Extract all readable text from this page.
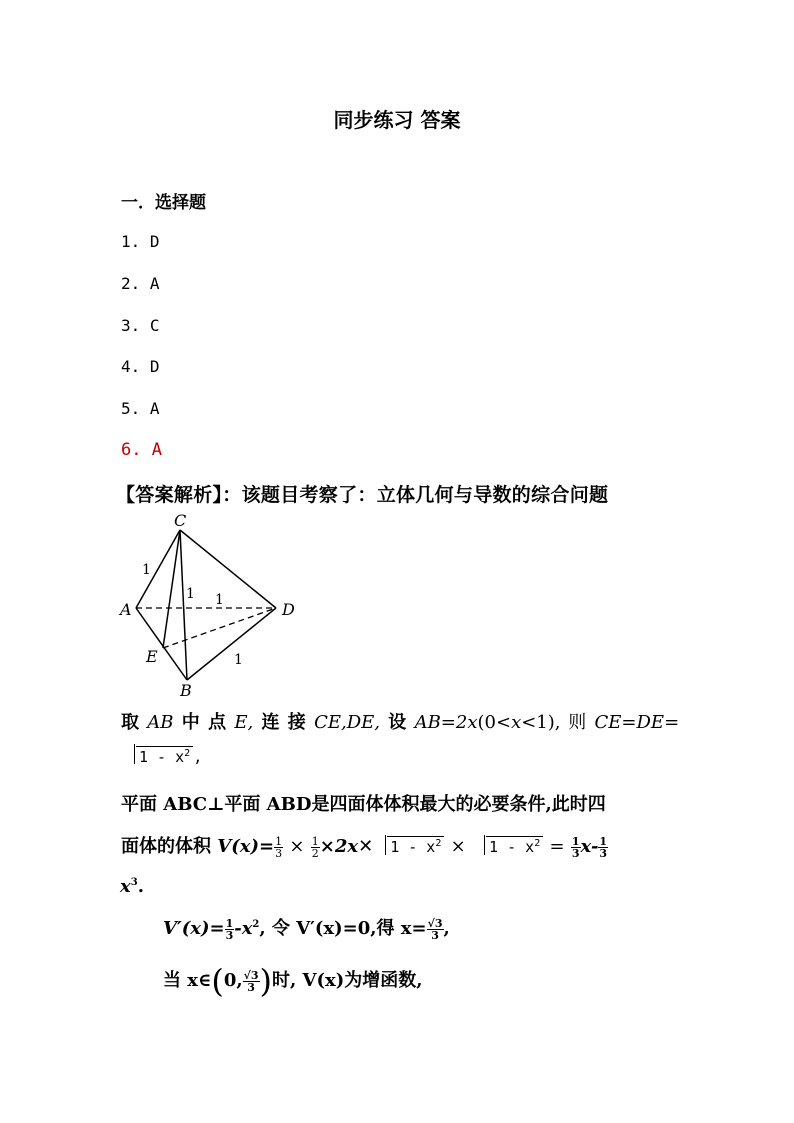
同步练习 答案
一．选择题
1. D
2. A
3. C
4. D
5. A
6. A
【答案解析】：该题目考察了：立体几何与导数的综合问题
C
A	D
E
B
1
1 1
1
取 AB 中 点 E, 连 接 CE,DE, 设 AB=2x(0<x<1), 则 CE=DE=
$1 - x^2$ ,
平面 ABC⊥平面 ABD是四面体体积最大的必要条件,此时四
面体的体积 $V(x)= \frac{1}{3} \times \frac{1}{2}$ ×2x✕ $1 - x^2 \times 1 - x^2 = \frac{1}{3} x- \frac{1}{3}$
$x^3$.
$V'(x)= \frac{1}{3} -x^2$, 令 V′(x)=0,得 $x= \frac{√3}{3}$ ,
当 x∈(0, $\frac{√3}{3}$ )时, V(x)为增函数,
